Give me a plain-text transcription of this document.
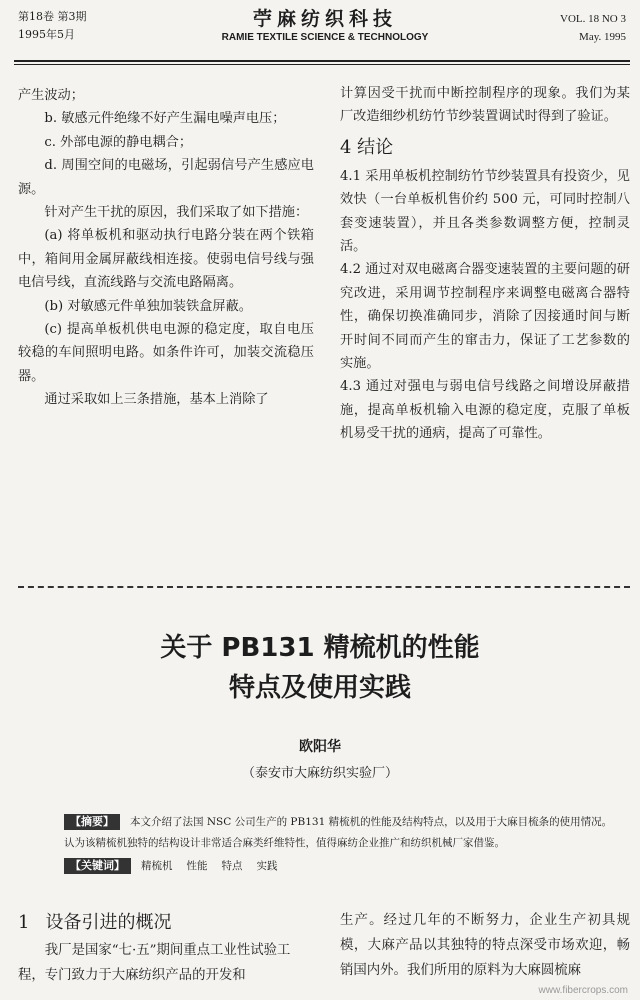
第18卷 第3期
1995年5月
苧麻纺织科技
RAMIE TEXTILE SCIENCE & TECHNOLOGY
VOL. 18 NO 3
May. 1995

产生波动；

b. 敏感元件绝缘不好产生漏电噪声电压；

c. 外部电源的静电耦合；

d. 周围空间的电磁场，引起弱信号产生感应电源。

针对产生干扰的原因，我们采取了如下措施：

(a) 将单板机和驱动执行电路分装在两个铁箱中，箱间用金属屏蔽线相连接。使弱电信号线与强电信号线，直流线路与交流电路隔离。

(b) 对敏感元件单独加装铁盒屏蔽。

(c) 提高单板机供电电源的稳定度，取自电压较稳的车间照明电路。如条件许可，加装交流稳压器。

通过采取如上三条措施，基本上消除了

计算因受干扰而中断控制程序的现象。我们为某厂改造细纱机纺竹节纱装置调试时得到了验证。

4 结论

4.1 采用单板机控制纺竹节纱装置具有投资少，见效快（一台单板机售价约 500 元，可同时控制八套变速装置），并且各类参数调整方便，控制灵活。

4.2 通过对双电磁离合器变速装置的主要问题的研究改进，采用调节控制程序来调整电磁离合器特性，确保切换准确同步，消除了因接通时间与断开时间不同而产生的窜击力，保证了工艺参数的实施。

4.3 通过对强电与弱电信号线路之间增设屏蔽措施，提高单板机输入电源的稳定度，克服了单板机易受干扰的通病，提高了可靠性。

关于 PB131 精梳机的性能
特点及使用实践
欧阳华
（泰安市大麻纺织实验厂）
【摘要】 本文介绍了法国 NSC 公司生产的 PB131 精梳机的性能及结构特点，以及用于大麻目梳条的使用情况。认为该精梳机独特的结构设计非常适合麻类纤维特性，值得麻纺企业推广和纺织机械厂家借鉴。
【关键词】 精梳机 性能 特点 实践
1 设备引进的概况
我厂是国家“七·五”期间重点工业性试验工程，专门致力于大麻纺织产品的开发和
生产。经过几年的不断努力，企业生产初具规模，大麻产品以其独特的特点深受市场欢迎，畅销国内外。我们所用的原料为大麻圆梳麻
www.fibercrops.com
